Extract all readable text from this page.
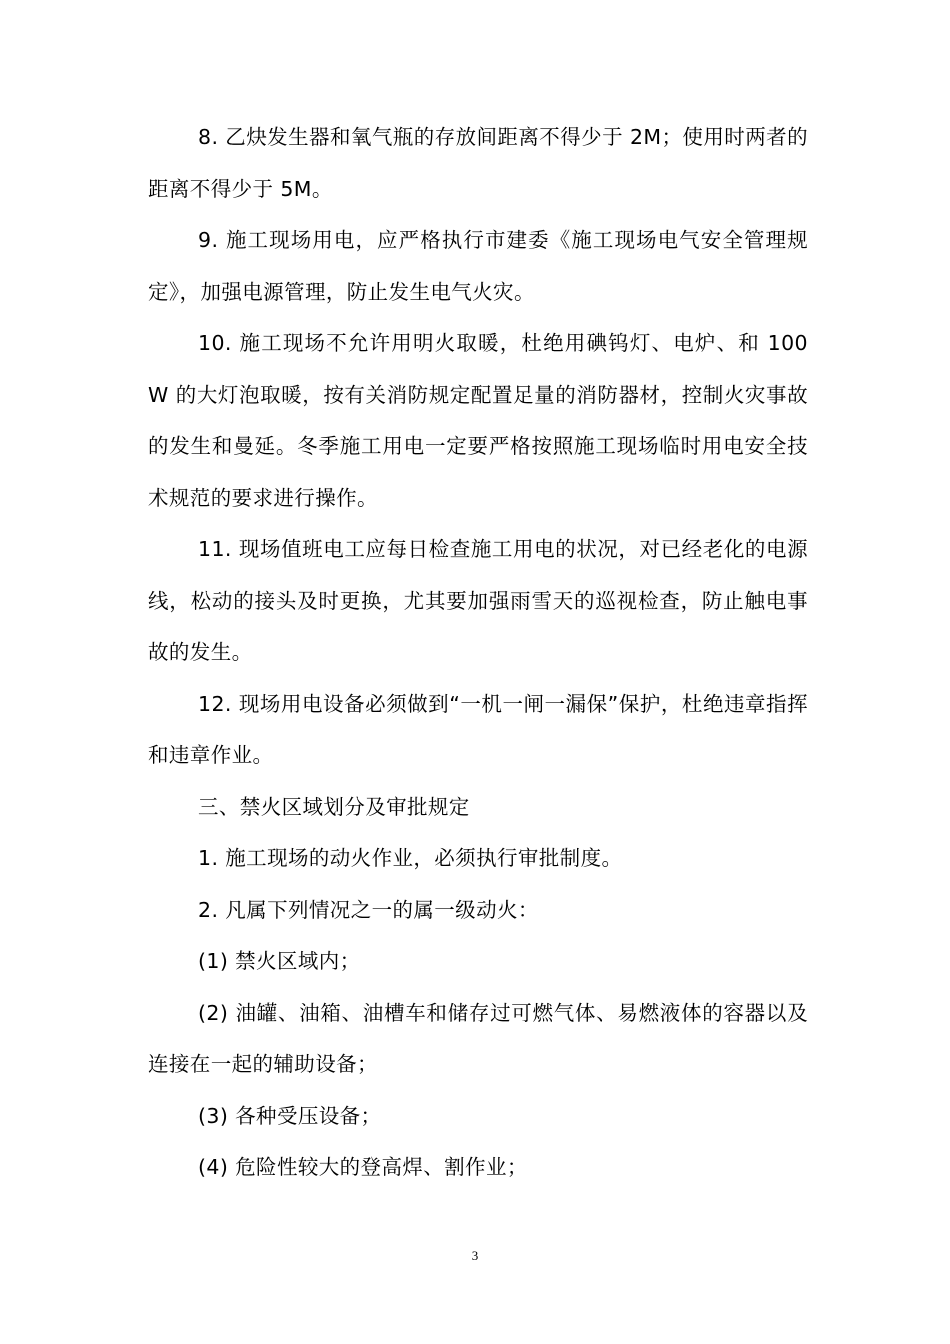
8. 乙炔发生器和氧气瓶的存放间距离不得少于 2M；使用时两者的距离不得少于 5M。

9. 施工现场用电，应严格执行市建委《施工现场电气安全管理规定》，加强电源管理，防止发生电气火灾。

10. 施工现场不允许用明火取暖，杜绝用碘钨灯、电炉、和 100W 的大灯泡取暖，按有关消防规定配置足量的消防器材，控制火灾事故的发生和曼延。冬季施工用电一定要严格按照施工现场临时用电安全技术规范的要求进行操作。

11. 现场值班电工应每日检查施工用电的状况，对已经老化的电源线，松动的接头及时更换，尤其要加强雨雪天的巡视检查，防止触电事故的发生。

12. 现场用电设备必须做到“一机一闸一漏保”保护，杜绝违章指挥和违章作业。

三、禁火区域划分及审批规定

1. 施工现场的动火作业，必须执行审批制度。

2. 凡属下列情况之一的属一级动火：

(1) 禁火区域内；

(2) 油罐、油箱、油槽车和储存过可燃气体、易燃液体的容器以及连接在一起的辅助设备；

(3) 各种受压设备；

(4) 危险性较大的登高焊、割作业；

3
